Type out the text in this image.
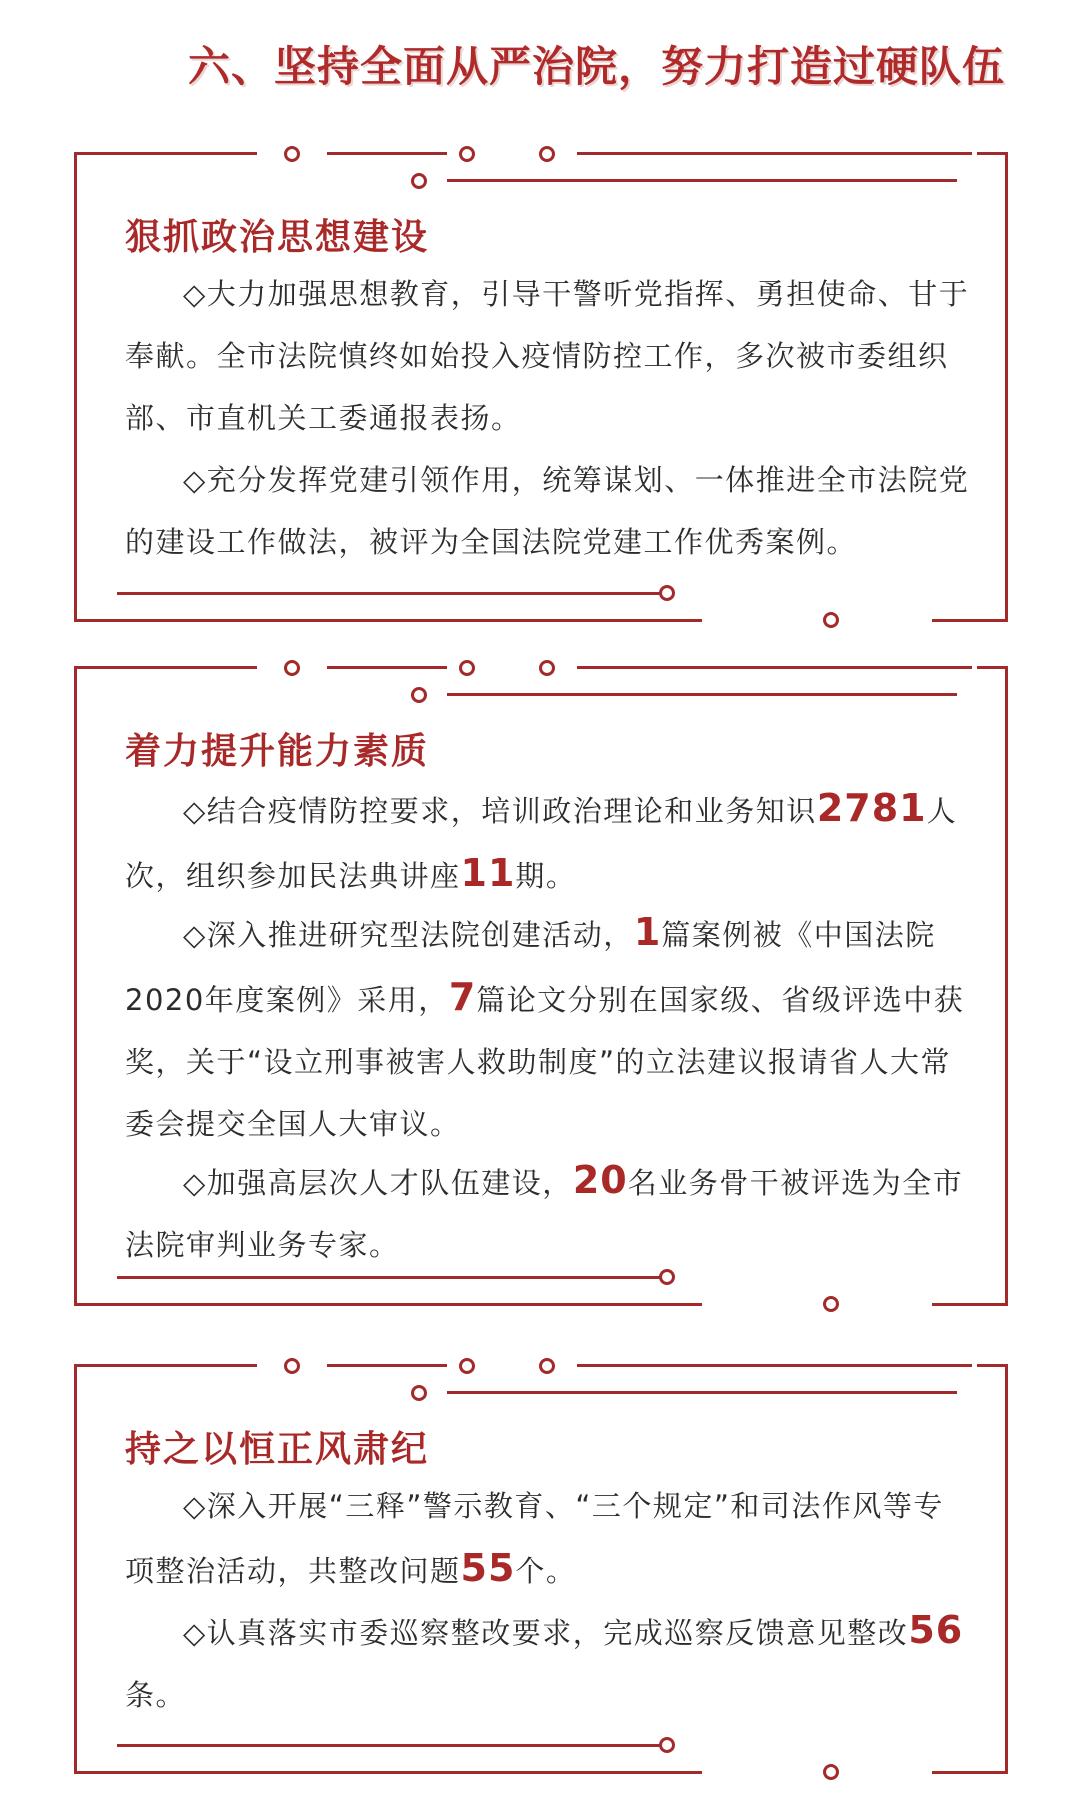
六、坚持全面从严治院，努力打造过硬队伍
狠抓政治思想建设

◇大力加强思想教育，引导干警听党指挥、勇担使命、甘于奉献。全市法院慎终如始投入疫情防控工作，多次被市委组织部、市直机关工委通报表扬。

◇充分发挥党建引领作用，统筹谋划、一体推进全市法院党的建设工作做法，被评为全国法院党建工作优秀案例。

着力提升能力素质

◇结合疫情防控要求，培训政治理论和业务知识2781人次，组织参加民法典讲座11期。

◇深入推进研究型法院创建活动，1篇案例被《中国法院2020年度案例》采用，7篇论文分别在国家级、省级评选中获奖，关于“设立刑事被害人救助制度”的立法建议报请省人大常委会提交全国人大审议。

◇加强高层次人才队伍建设，20名业务骨干被评选为全市法院审判业务专家。

持之以恒正风肃纪

◇深入开展“三释”警示教育、“三个规定”和司法作风等专项整治活动，共整改问题55个。

◇认真落实市委巡察整改要求，完成巡察反馈意见整改56条。
